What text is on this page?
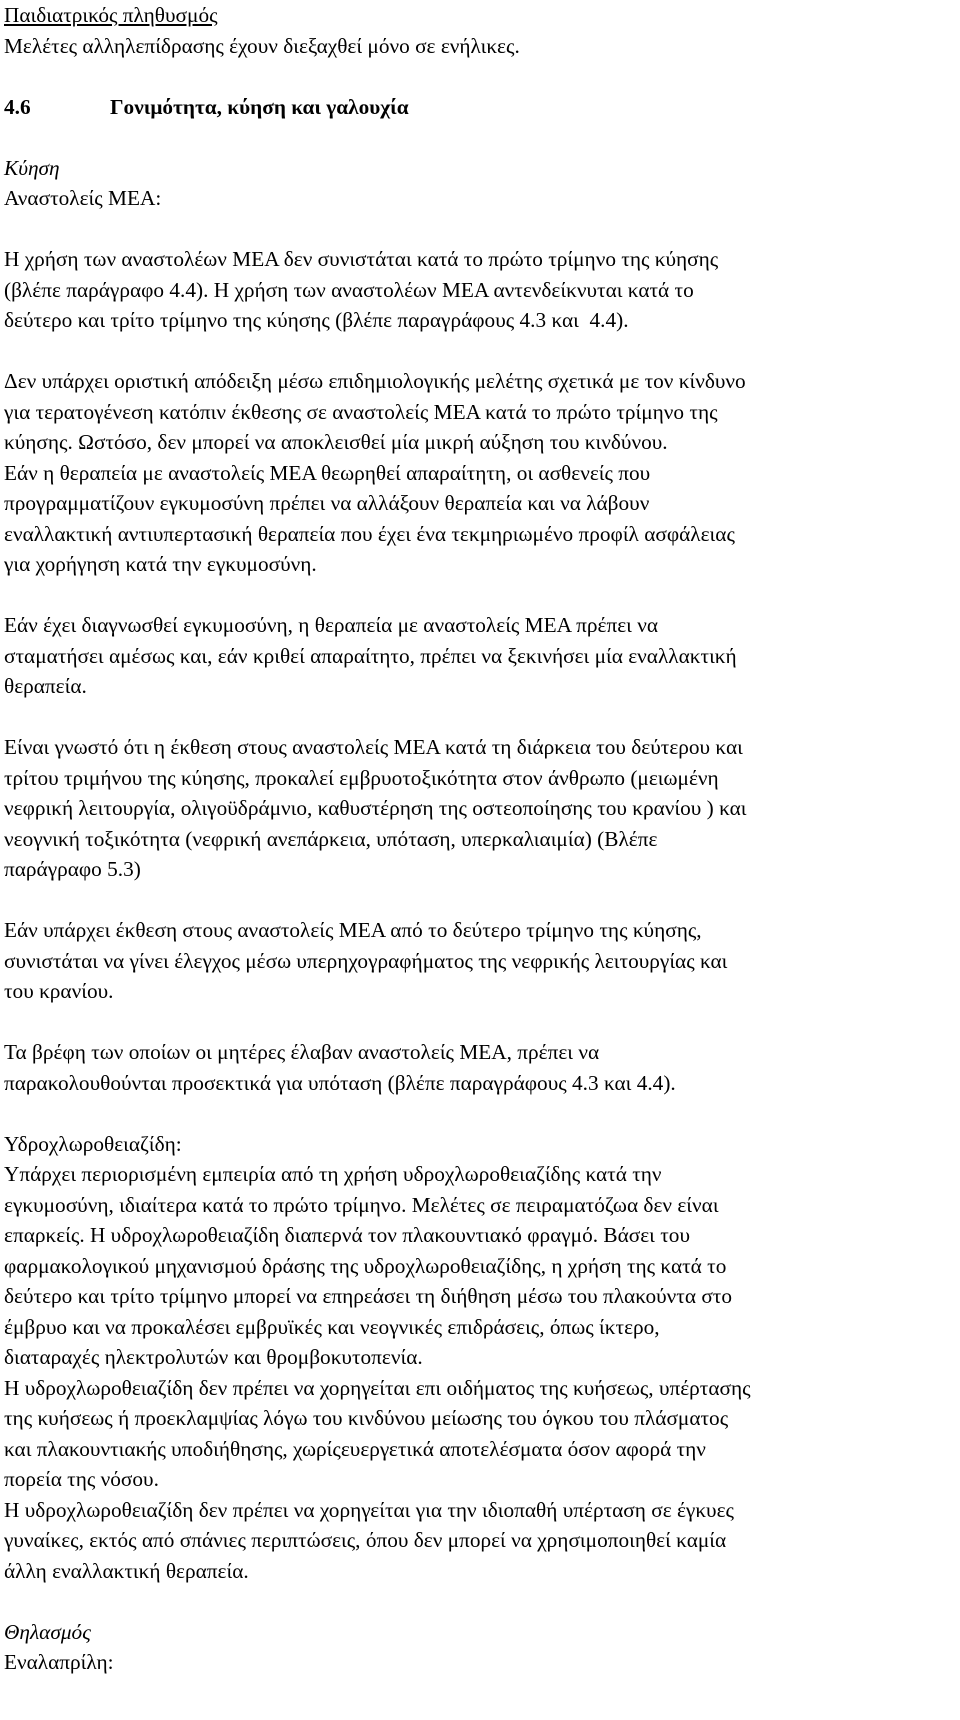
Παιδιατρικός πληθυσμός
Μελέτες αλληλεπίδρασης έχουν διεξαχθεί μόνο σε ενήλικες.
4.6	Γονιμότητα, κύηση και γαλουχία
Κύηση
Αναστολείς ΜΕΑ:
Η χρήση των αναστολέων ΜΕΑ δεν συνιστάται κατά το πρώτο τρίμηνο της κύησης
(βλέπε παράγραφο 4.4). Η χρήση των αναστολέων ΜΕΑ αντενδείκνυται κατά το
δεύτερο και τρίτο τρίμηνο της κύησης (βλέπε παραγράφους 4.3 και  4.4).
Δεν υπάρχει οριστική απόδειξη μέσω επιδημιολογικής μελέτης σχετικά με τον κίνδυνο
για τερατογένεση κατόπιν έκθεσης σε αναστολείς ΜΕΑ κατά το πρώτο τρίμηνο της
κύησης. Ωστόσο, δεν μπορεί να αποκλεισθεί μία μικρή αύξηση του κινδύνου.
Εάν η θεραπεία με αναστολείς ΜΕΑ θεωρηθεί απαραίτητη, οι ασθενείς που
προγραμματίζουν εγκυμοσύνη πρέπει να αλλάξουν θεραπεία και να λάβουν
εναλλακτική αντιυπερτασική θεραπεία που έχει ένα τεκμηριωμένο προφίλ ασφάλειας
για χορήγηση κατά την εγκυμοσύνη.
Εάν έχει διαγνωσθεί εγκυμοσύνη, η θεραπεία με αναστολείς ΜΕΑ πρέπει να
σταματήσει αμέσως και, εάν κριθεί απαραίτητο, πρέπει να ξεκινήσει μία εναλλακτική
θεραπεία.
Είναι γνωστό ότι η έκθεση στους αναστολείς ΜΕΑ κατά τη διάρκεια του δεύτερου και
τρίτου τριμήνου της κύησης, προκαλεί εμβρυοτοξικότητα στον άνθρωπο (μειωμένη
νεφρική λειτουργία, ολιγοϋδράμνιο, καθυστέρηση της οστεοποίησης του κρανίου ) και
νεογνική τοξικότητα (νεφρική ανεπάρκεια, υπόταση, υπερκαλιαιμία) (Βλέπε
παράγραφο 5.3)
Εάν υπάρχει έκθεση στους αναστολείς ΜΕΑ από το δεύτερο τρίμηνο της κύησης,
συνιστάται να γίνει έλεγχος μέσω υπερηχογραφήματος της νεφρικής λειτουργίας και
του κρανίου.
Τα βρέφη των οποίων οι μητέρες έλαβαν αναστολείς ΜΕΑ, πρέπει να
παρακολουθούνται προσεκτικά για υπόταση (βλέπε παραγράφους 4.3 και 4.4).
Υδροχλωροθειαζίδη:
Υπάρχει περιορισμένη εμπειρία από τη χρήση υδροχλωροθειαζίδης κατά την
εγκυμοσύνη, ιδιαίτερα κατά το πρώτο τρίμηνο. Μελέτες σε πειραματόζωα δεν είναι
επαρκείς. Η υδροχλωροθειαζίδη διαπερνά τον πλακουντιακό φραγμό. Βάσει του
φαρμακολογικού μηχανισμού δράσης της υδροχλωροθειαζίδης, η χρήση της κατά το
δεύτερο και τρίτο τρίμηνο μπορεί να επηρεάσει τη διήθηση μέσω του πλακούντα στο
έμβρυο και να προκαλέσει εμβρυϊκές και νεογνικές επιδράσεις, όπως ίκτερο,
διαταραχές ηλεκτρολυτών και θρομβοκυτοπενία.
Η υδροχλωροθειαζίδη δεν πρέπει να χορηγείται επι οιδήματος της κυήσεως, υπέρτασης
της κυήσεως ή προεκλαμψίας λόγω του κινδύνου μείωσης του όγκου του πλάσματος
και πλακουντιακής υποδιήθησης, χωρίςευεργετικά αποτελέσματα όσον αφορά την
πορεία της νόσου.
Η υδροχλωροθειαζίδη δεν πρέπει να χορηγείται για την ιδιοπαθή υπέρταση σε έγκυες
γυναίκες, εκτός από σπάνιες περιπτώσεις, όπου δεν μπορεί να χρησιμοποιηθεί καμία
άλλη εναλλακτική θεραπεία.
Θηλασμός
Εναλαπρίλη:
